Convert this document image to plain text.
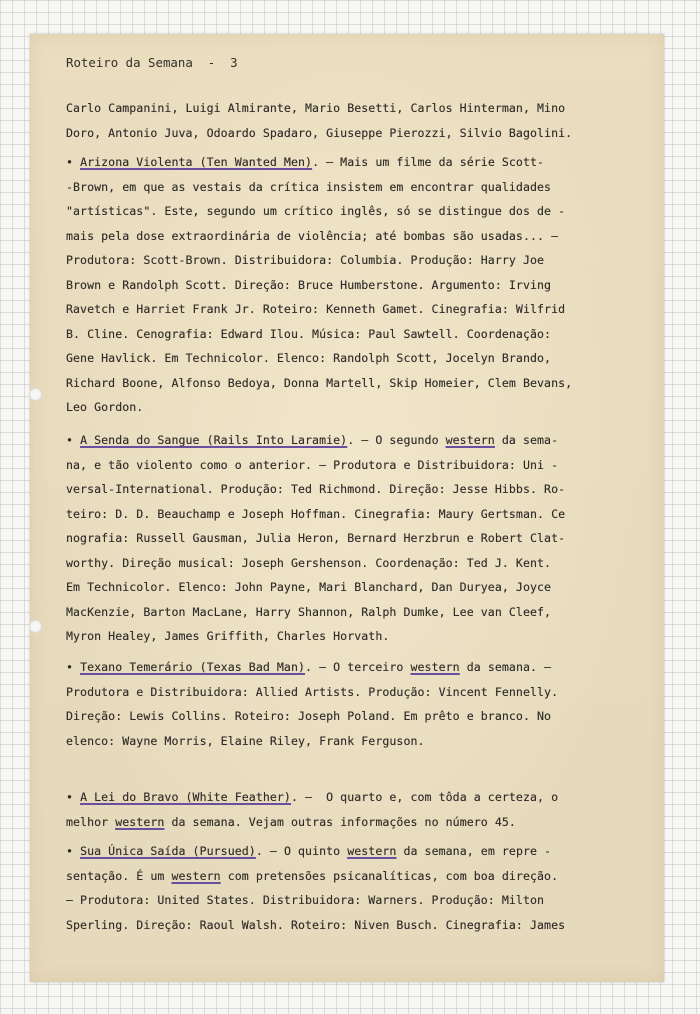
Roteiro da Semana  -  3
Carlo Campanini, Luigi Almirante, Mario Besetti, Carlos Hinterman, Mino
Doro, Antonio Juva, Odoardo Spadaro, Giuseppe Pierozzi, Silvio Bagolini.
• Arizona Violenta (Ten Wanted Men). — Mais um filme da série Scott-
-Brown, em que as vestais da crítica insistem em encontrar qualidades
"artísticas". Este, segundo um crítico inglês, só se distingue dos de -
mais pela dose extraordinária de violência; até bombas são usadas... —
Produtora: Scott-Brown. Distribuidora: Columbia. Produção: Harry Joe
Brown e Randolph Scott. Direção: Bruce Humberstone. Argumento: Irving
Ravetch e Harriet Frank Jr. Roteiro: Kenneth Gamet. Cinegrafia: Wilfrid
B. Cline. Cenografia: Edward Ilou. Música: Paul Sawtell. Coordenação:
Gene Havlick. Em Technicolor. Elenco: Randolph Scott, Jocelyn Brando,
Richard Boone, Alfonso Bedoya, Donna Martell, Skip Homeier, Clem Bevans,
Leo Gordon.
• A Senda do Sangue (Rails Into Laramie). — O segundo western da sema-
na, e tão violento como o anterior. — Produtora e Distribuidora: Uni -
versal-International. Produção: Ted Richmond. Direção: Jesse Hibbs. Ro-
teiro: D. D. Beauchamp e Joseph Hoffman. Cinegrafia: Maury Gertsman. Ce
nografia: Russell Gausman, Julia Heron, Bernard Herzbrun e Robert Clat-
worthy. Direção musical: Joseph Gershenson. Coordenação: Ted J. Kent.
Em Technicolor. Elenco: John Payne, Mari Blanchard, Dan Duryea, Joyce
MacKenzie, Barton MacLane, Harry Shannon, Ralph Dumke, Lee van Cleef,
Myron Healey, James Griffith, Charles Horvath.
• Texano Temerário (Texas Bad Man). — O terceiro western da semana. —
Produtora e Distribuidora: Allied Artists. Produção: Vincent Fennelly.
Direção: Lewis Collins. Roteiro: Joseph Poland. Em prêto e branco. No
elenco: Wayne Morris, Elaine Riley, Frank Ferguson.
• A Lei do Bravo (White Feather). —  O quarto e, com tôda a certeza, o
melhor western da semana. Vejam outras informações no número 45.
• Sua Única Saída (Pursued). — O quinto western da semana, em repre -
sentação. É um western com pretensões psicanalíticas, com boa direção.
— Produtora: United States. Distribuidora: Warners. Produção: Milton
Sperling. Direção: Raoul Walsh. Roteiro: Niven Busch. Cinegrafia: James
